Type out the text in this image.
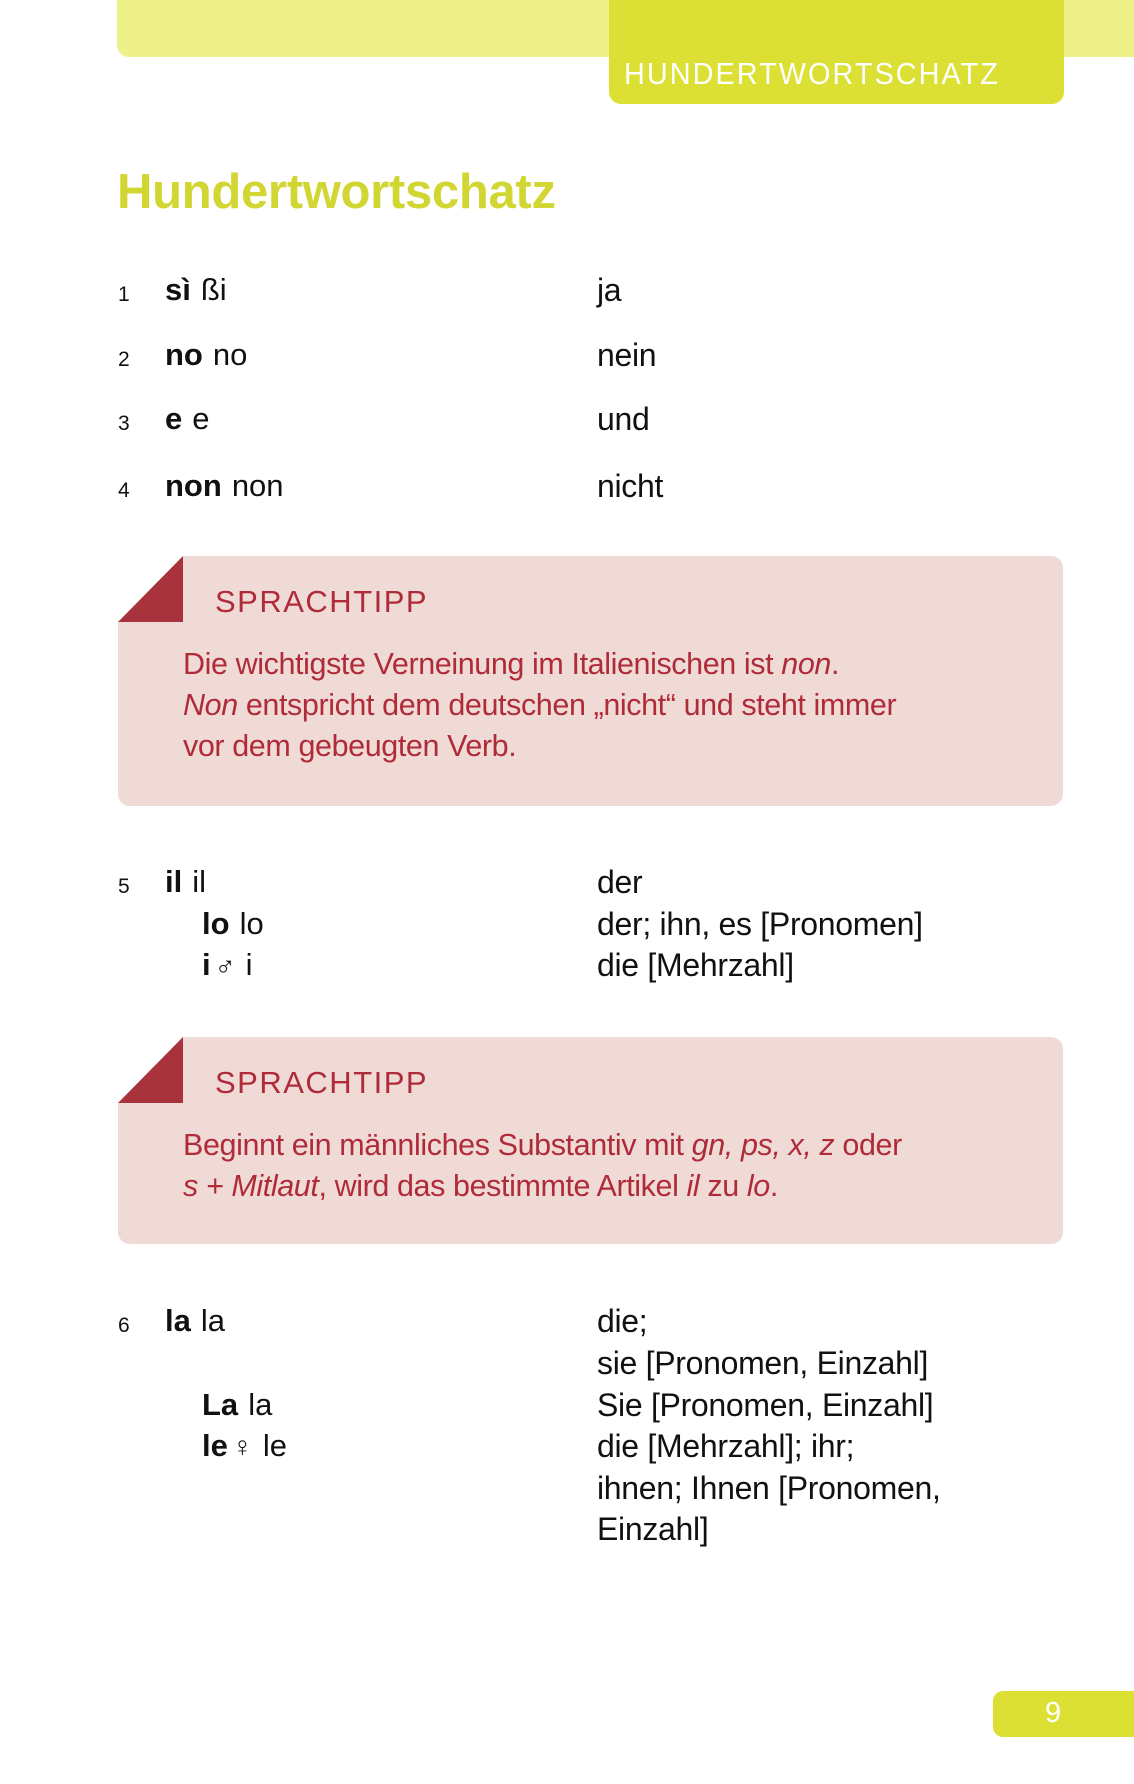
HUNDERTWORTSCHATZ
Hundertwortschatz
1 sì ßi	ja
2 no no	nein
3 e e	und
4 non non	nicht
SPRACHTIPP

Die wichtigste Verneinung im Italienischen ist non.

Non entspricht dem deutschen „nicht“ und steht immer

vor dem gebeugten Verb.

5 il il	der
lo lo	der; ihn, es [Pronomen]
i ♂ i	die [Mehrzahl]
SPRACHTIPP

Beginnt ein männliches Substantiv mit gn, ps, x, z oder

s + Mitlaut, wird das bestimmte Artikel il zu lo.

6 la la	die;
sie [Pronomen, Einzahl]
La la	Sie [Pronomen, Einzahl]
le ♀ le	die [Mehrzahl]; ihr;
ihnen; Ihnen [Pronomen,
Einzahl]
9
